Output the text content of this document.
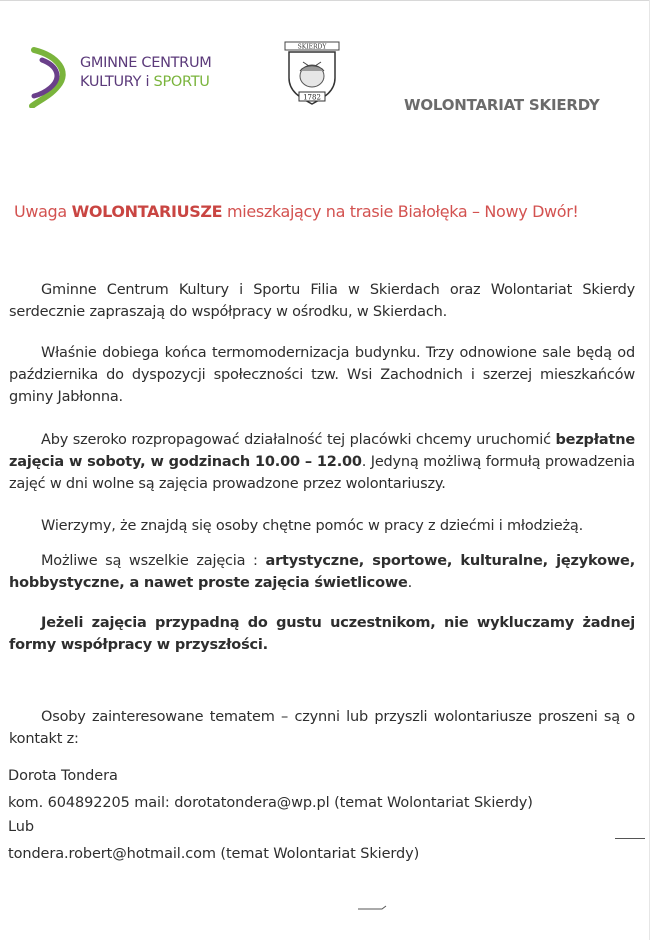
GMINNE CENTRUM
KULTURY i SPORTU
SKIERDY
1782	WOLONTARIAT SKIERDY
Uwaga WOLONTARIUSZE mieszkający na trasie Białołęka – Nowy Dwór!
Gminne Centrum Kultury i Sportu Filia w Skierdach oraz Wolontariat Skierdy serdecznie zapraszają do współpracy w ośrodku, w Skierdach.
Właśnie dobiega końca termomodernizacja budynku. Trzy odnowione sale będą od października do dyspozycji społeczności tzw. Wsi Zachodnich i szerzej mieszkańców gminy Jabłonna.
Aby szeroko rozpropagować działalność tej placówki chcemy uruchomić bezpłatne zajęcia w soboty, w godzinach 10.00 – 12.00. Jedyną możliwą formułą prowadzenia zajęć w dni wolne są zajęcia prowadzone przez wolontariuszy.
Wierzymy, że znajdą się osoby chętne pomóc w pracy z dziećmi i młodzieżą.
Możliwe są wszelkie zajęcia : artystyczne, sportowe, kulturalne, językowe, hobbystyczne, a nawet proste zajęcia świetlicowe.
Jeżeli zajęcia przypadną do gustu uczestnikom, nie wykluczamy żadnej formy współpracy w przyszłości.
Osoby zainteresowane tematem – czynni lub przyszli wolontariusze proszeni są o kontakt z:
Dorota Tondera
kom. 604892205 mail: dorotatondera@wp.pl (temat Wolontariat Skierdy)
Lub
tondera.robert@hotmail.com (temat Wolontariat Skierdy)
